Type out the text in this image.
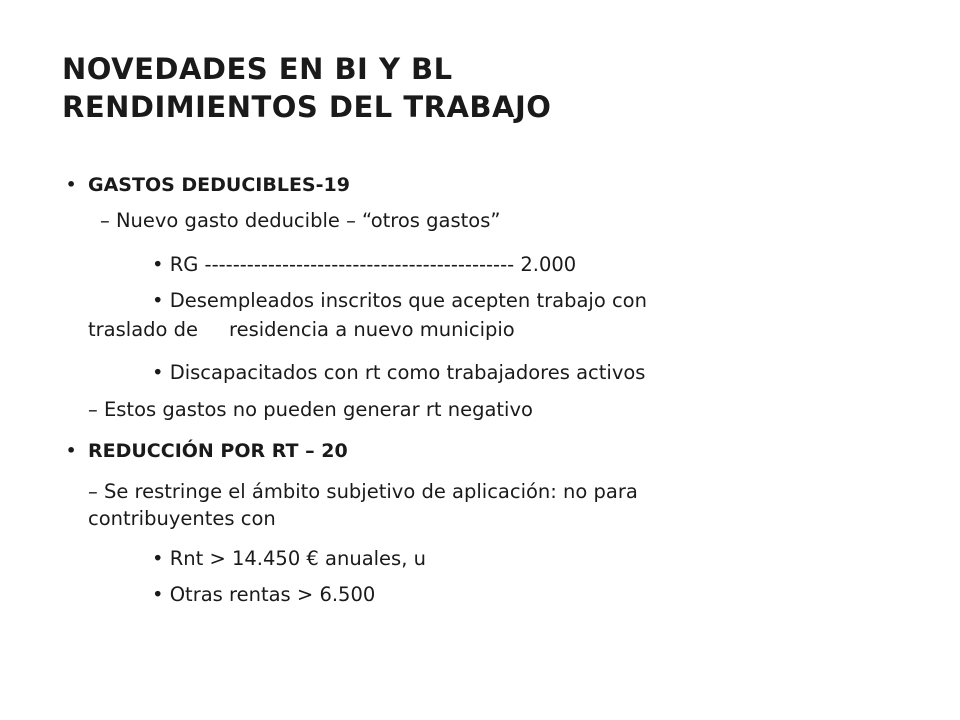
NOVEDADES EN BI Y BL
RENDIMIENTOS DEL TRABAJO
• GASTOS DEDUCIBLES-19
– Nuevo gasto deducible – “otros gastos”
• RG -------------------------------------------- 2.000
• Desempleados inscritos que acepten trabajo con
traslado de     residencia a nuevo municipio
• Discapacitados con rt como trabajadores activos
– Estos gastos no pueden generar rt negativo
• REDUCCIÓN POR RT – 20
– Se restringe el ámbito subjetivo de aplicación: no para
contribuyentes con
• Rnt > 14.450 € anuales, u
• Otras rentas > 6.500
